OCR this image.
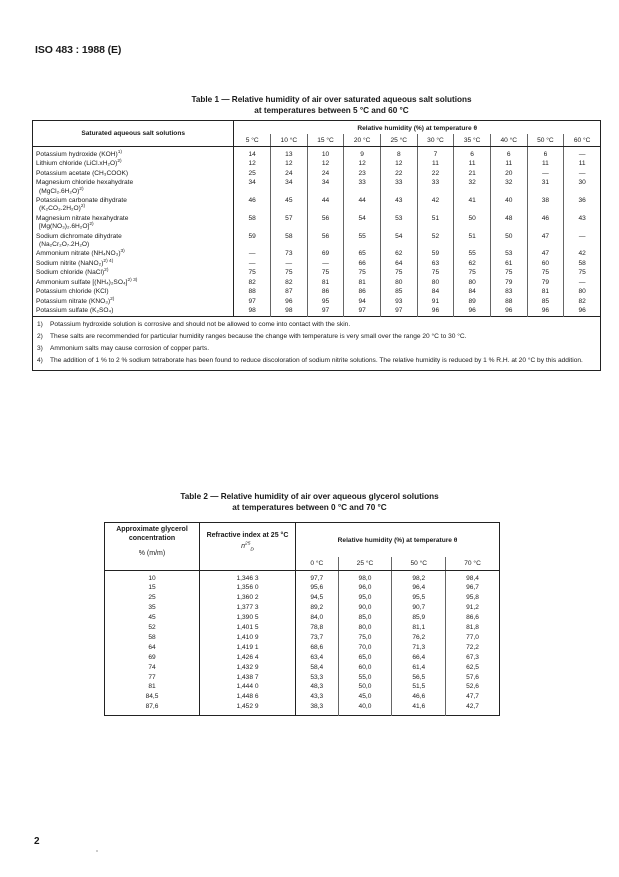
ISO 483 : 1988 (E)
Table 1 — Relative humidity of air over saturated aqueous salt solutions
at temperatures between 5 °C and 60 °C
Saturated aqueous salt solutions	Relative humidity (%) at temperature θ									
	5 °C	10 °C	15 °C	20 °C	25 °C	30 °C	35 °C	40 °C	50 °C	60 °C
Potassium hydroxide (KOH)$^{1)}$	14	13	10	9	8	7	6	6	6	—
Lithium chloride (LiCl.xH₂O)$^{2)}$	12	12	12	12	12	11	11	11	11	11
Potassium acetate (CH₃COOK)	25	24	24	23	22	22	21	20	—	—
Magnesium chloride hexahydrate
(MgCl₂.6H₂O)$^{2)}$	34	34	34	33	33	33	32	32	31	30
Potassium carbonate dihydrate
$(K_2CO_3.2H_2O)^{2)}$	46	45	44	44	43	42	41	40	38	36
Magnesium nitrate hexahydrate
$[Mg(NO_3)_2.6H_2O]^{2)}$	58	57	56	54	53	51	50	48	46	43
Sodium dichromate dihydrate
(Na₂Cr₂O₇.2H₂O)	59	58	56	55	54	52	51	50	47	—
Ammonium nitrate $(NH_4NO_3)^{3)}$	—	73	69	65	62	59	55	53	47	42
Sodium nitrite (NaNO₂)$^{2) 4)}$	—	—	—	66	64	63	62	61	60	58
Sodium chloride (NaCl)$^{2)}$	75	75	75	75	75	75	75	75	75	75
Ammonium sulfate $[(NH_4)_2SO_4]^{2) 3)}$	82	82	81	81	80	80	80	79	79	—
Potassium chloride (KCl)	88	87	86	86	85	84	84	83	81	80
Potassium nitrate $(KNO_3)^{2)}$	97	96	95	94	93	91	89	88	85	82
Potassium sulfate (K₂SO₄)	98	98	97	97	97	96	96	96	96	96

1) Potassium hydroxide solution is corrosive and should not be allowed to come into contact with the skin.
2) These salts are recommended for particular humidity ranges because the change with temperature is very small over the range 20 °C to 30 °C.
3) Ammonium salts may cause corrosion of copper parts.
4) The addition of 1 % to 2 % sodium tetraborate has been found to reduce discoloration of sodium nitrite solutions. The relative humidity is reduced by 1 % R.H. at 20 °C by this addition.										
Table 2 — Relative humidity of air over aqueous glycerol solutions
at temperatures between 0 °C and 70 °C
Approximate glycerol concentration
% (m/m)	Refractive index at 25 °C
$n^{25}_D$	Relative humidity (%) at temperature θ			
		0 °C	25 °C	50 °C	70 °C

10	1,346 3	97,7	98,0	98,2	98,4
15	1,356 0	95,6	96,0	96,4	96,7
25	1,360 2	94,5	95,0	95,5	95,8
35	1,377 3	89,2	90,0	90,7	91,2
45	1,390 5	84,0	85,0	85,9	86,6
52	1,401 5	78,8	80,0	81,1	81,8
58	1,410 9	73,7	75,0	76,2	77,0
64	1,419 1	68,6	70,0	71,3	72,2
69	1,426 4	63,4	65,0	66,4	67,3
74	1,432 9	58,4	60,0	61,4	62,5
77	1,438 7	53,3	55,0	56,5	57,6
81	1,444 0	48,3	50,0	51,5	52,6
84,5	1,448 6	43,3	45,0	46,6	47,7
87,6	1,452 9	38,3	40,0	41,6	42,7
2
